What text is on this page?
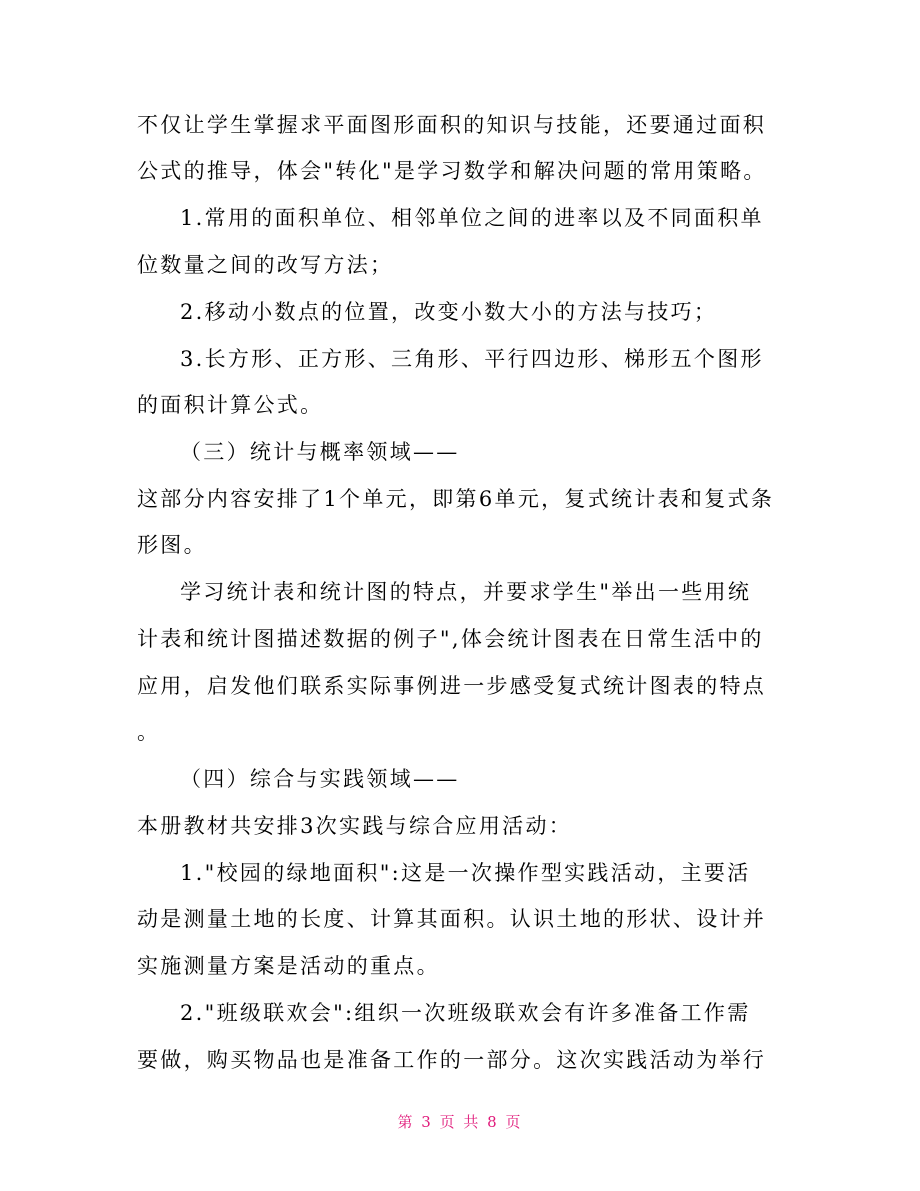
不仅让学生掌握求平面图形面积的知识与技能，还要通过面积
公式的推导，体会"转化"是学习数学和解决问题的常用策略。
1.常用的面积单位、相邻单位之间的进率以及不同面积单
位数量之间的改写方法；
2.移动小数点的位置，改变小数大小的方法与技巧；
3.长方形、正方形、三角形、平行四边形、梯形五个图形
的面积计算公式。
（三）统计与概率领域——
这部分内容安排了1个单元，即第6单元，复式统计表和复式条
形图。
学习统计表和统计图的特点，并要求学生"举出一些用统
计表和统计图描述数据的例子",体会统计图表在日常生活中的
应用，启发他们联系实际事例进一步感受复式统计图表的特点
。
（四）综合与实践领域——
本册教材共安排3次实践与综合应用活动：
1."校园的绿地面积":这是一次操作型实践活动，主要活
动是测量土地的长度、计算其面积。认识土地的形状、设计并
实施测量方案是活动的重点。
2."班级联欢会":组织一次班级联欢会有许多准备工作需
要做，购买物品也是准备工作的一部分。这次实践活动为举行
第 3 页 共 8 页
